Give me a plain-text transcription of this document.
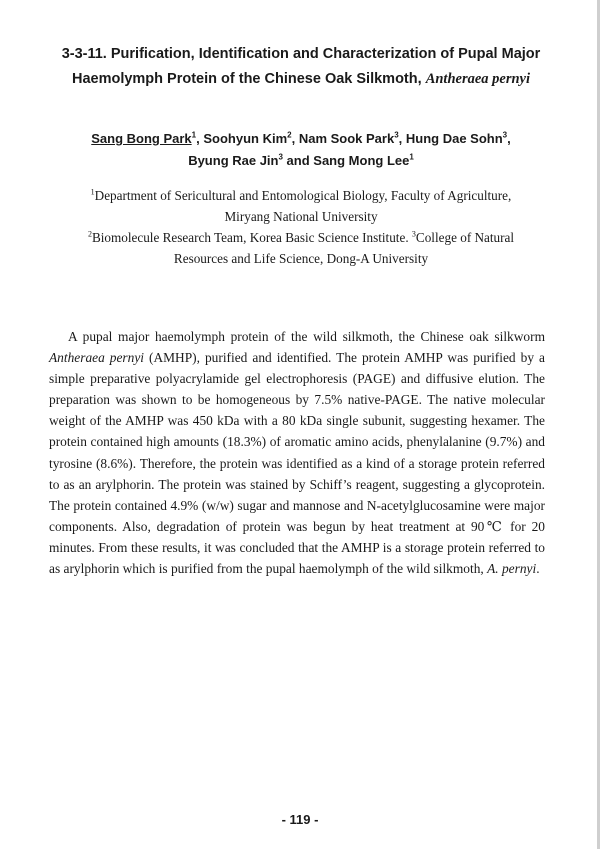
3-3-11. Purification, Identification and Characterization of Pupal Major Haemolymph Protein of the Chinese Oak Silkmoth, Antheraea pernyi
Sang Bong Park$^1$, Soohyun Kim$^2$, Nam Sook Park$^3$, Hung Dae Sohn$^3$,
Byung Rae Jin$^3$ and Sang Mong Lee$^1$
$^1$Department of Sericultural and Entomological Biology, Faculty of Agriculture,
Miryang National University
$^2$Biomolecule Research Team, Korea Basic Science Institute. $^3$College of Natural
Resources and Life Science, Dong-A University

A pupal major haemolymph protein of the wild silkmoth, the Chinese oak silkworm Antheraea pernyi (AMHP), purified and identified. The protein AMHP was purified by a simple preparative polyacrylamide gel electrophoresis (PAGE) and diffusive elution. The preparation was shown to be homogeneous by 7.5% native-PAGE. The native molecular weight of the AMHP was 450 kDa with a 80 kDa single subunit, suggesting hexamer. The protein contained high amounts (18.3%) of aromatic amino acids, phenylalanine (9.7%) and tyrosine (8.6%). Therefore, the protein was identified as a kind of a storage protein referred to as an arylphorin. The protein was stained by Schiff’s reagent, suggesting a glycoprotein. The protein contained 4.9% (w/w) sugar and mannose and N-acetylglucosamine were major components. Also, degradation of protein was begun by heat treatment at 90℃ for 20 minutes. From these results, it was concluded that the AMHP is a storage protein referred to as arylphorin which is purified from the pupal haemolymph of the wild silkmoth, A. pernyi.

- 119 -
